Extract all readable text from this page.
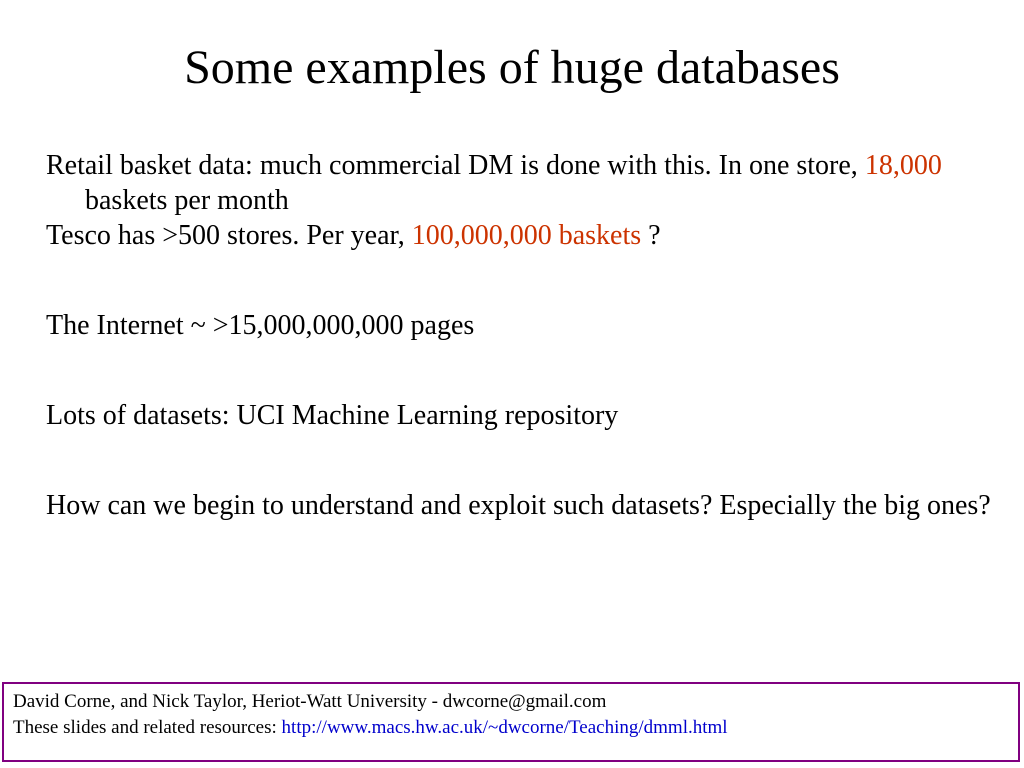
Some examples of huge databases

Retail basket data: much commercial DM is done with this. In one store, 18,000 baskets per month

Tesco has >500 stores. Per year, 100,000,000 baskets ?

The Internet ~ >15,000,000,000 pages

Lots of datasets: UCI Machine Learning repository

How can we begin to understand and exploit such datasets? Especially the big ones?

David Corne, and Nick Taylor, Heriot-Watt University - dwcorne@gmail.com
These slides and related resources: http://www.macs.hw.ac.uk/~dwcorne/Teaching/dmml.html
